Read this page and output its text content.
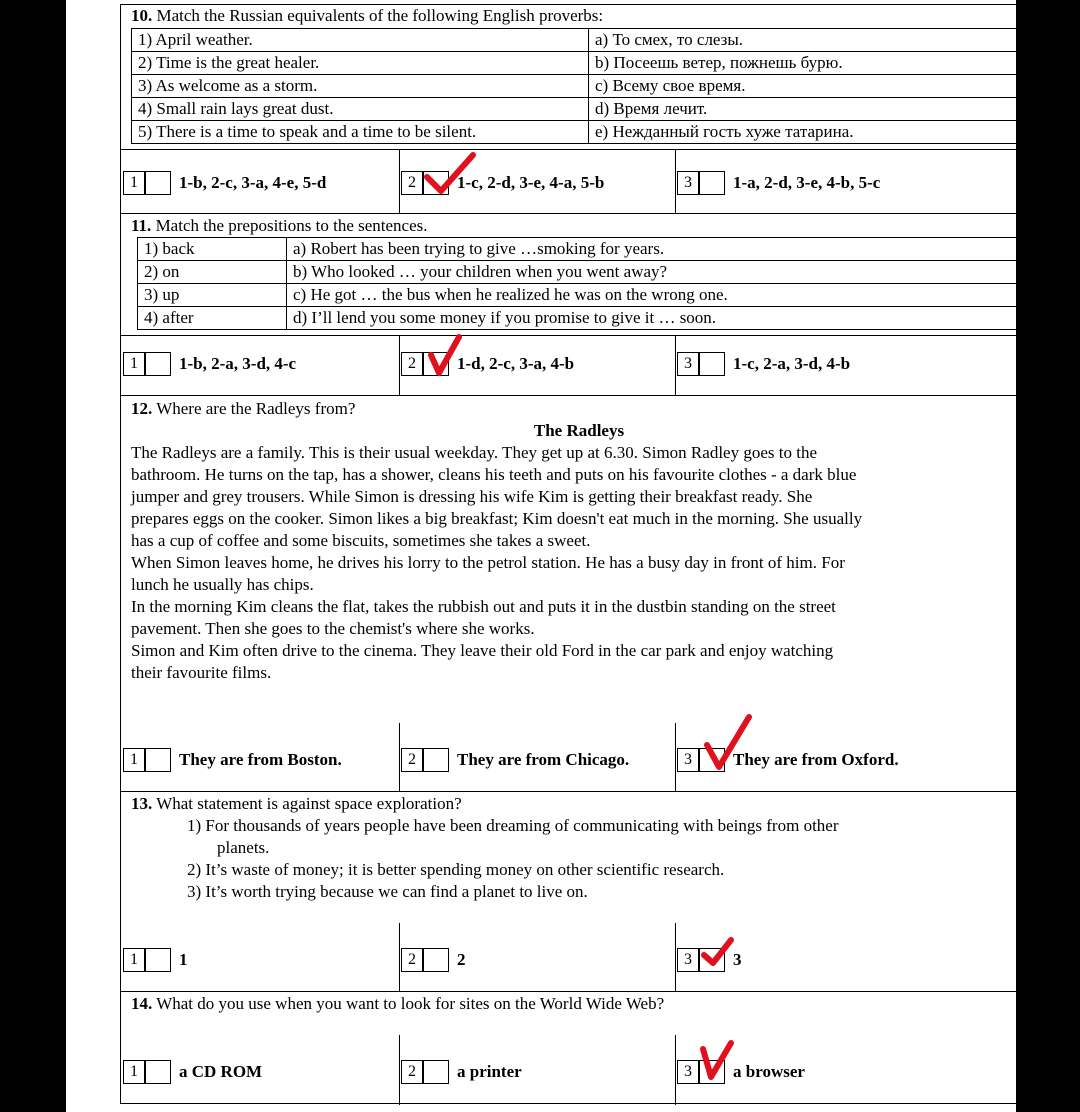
10. Match the Russian equivalents of the following English proverbs:
1) April weather.	a) То смех, то слезы.
2) Time is the great healer.	b) Посеешь ветер, пожнешь бурю.
3) As welcome as a storm.	c) Всему свое время.
4) Small rain lays great dust.	d) Время лечит.
5) There is a time to speak and a time to be silent.	e) Нежданный гость хуже татарина.
1	1-b, 2-c, 3-a, 4-e, 5-d	2	1-c, 2-d, 3-e, 4-a, 5-b	3	1-a, 2-d, 3-e, 4-b, 5-c
11. Match the prepositions to the sentences.
1) back	a) Robert has been trying to give …smoking for years.
2) on	b) Who looked … your children when you went away?
3) up	c) He got … the bus when he realized he was on the wrong one.
4) after	d) I’ll lend you some money if you promise to give it … soon.
1	1-b, 2-a, 3-d, 4-c	2	1-d, 2-c, 3-a, 4-b	3	1-c, 2-a, 3-d, 4-b
12. Where are the Radleys from?
The Radleys
The Radleys are a family. This is their usual weekday. They get up at 6.30. Simon Radley goes to the
bathroom. He turns on the tap, has a shower, cleans his teeth and puts on his favourite clothes - a dark blue
jumper and grey trousers. While Simon is dressing his wife Kim is getting their breakfast ready. She
prepares eggs on the cooker. Simon likes a big breakfast; Kim doesn't eat much in the morning. She usually
has a cup of coffee and some biscuits, sometimes she takes a sweet.
When Simon leaves home, he drives his lorry to the petrol station. He has a busy day in front of him. For
lunch he usually has chips.
In the morning Kim cleans the flat, takes the rubbish out and puts it in the dustbin standing on the street
pavement. Then she goes to the chemist's where she works.
Simon and Kim often drive to the cinema. They leave their old Ford in the car park and enjoy watching
their favourite films.
1	They are from Boston.	2	They are from Chicago.	3	They are from Oxford.
13. What statement is against space exploration?
1) For thousands of years people have been dreaming of communicating with beings from other
planets.
2) It’s waste of money; it is better spending money on other scientific research.
3) It’s worth trying because we can find a planet to live on.
1	1	2	2	3	3
14. What do you use when you want to look for sites on the World Wide Web?
1	a CD ROM	2	a printer	3	a browser
